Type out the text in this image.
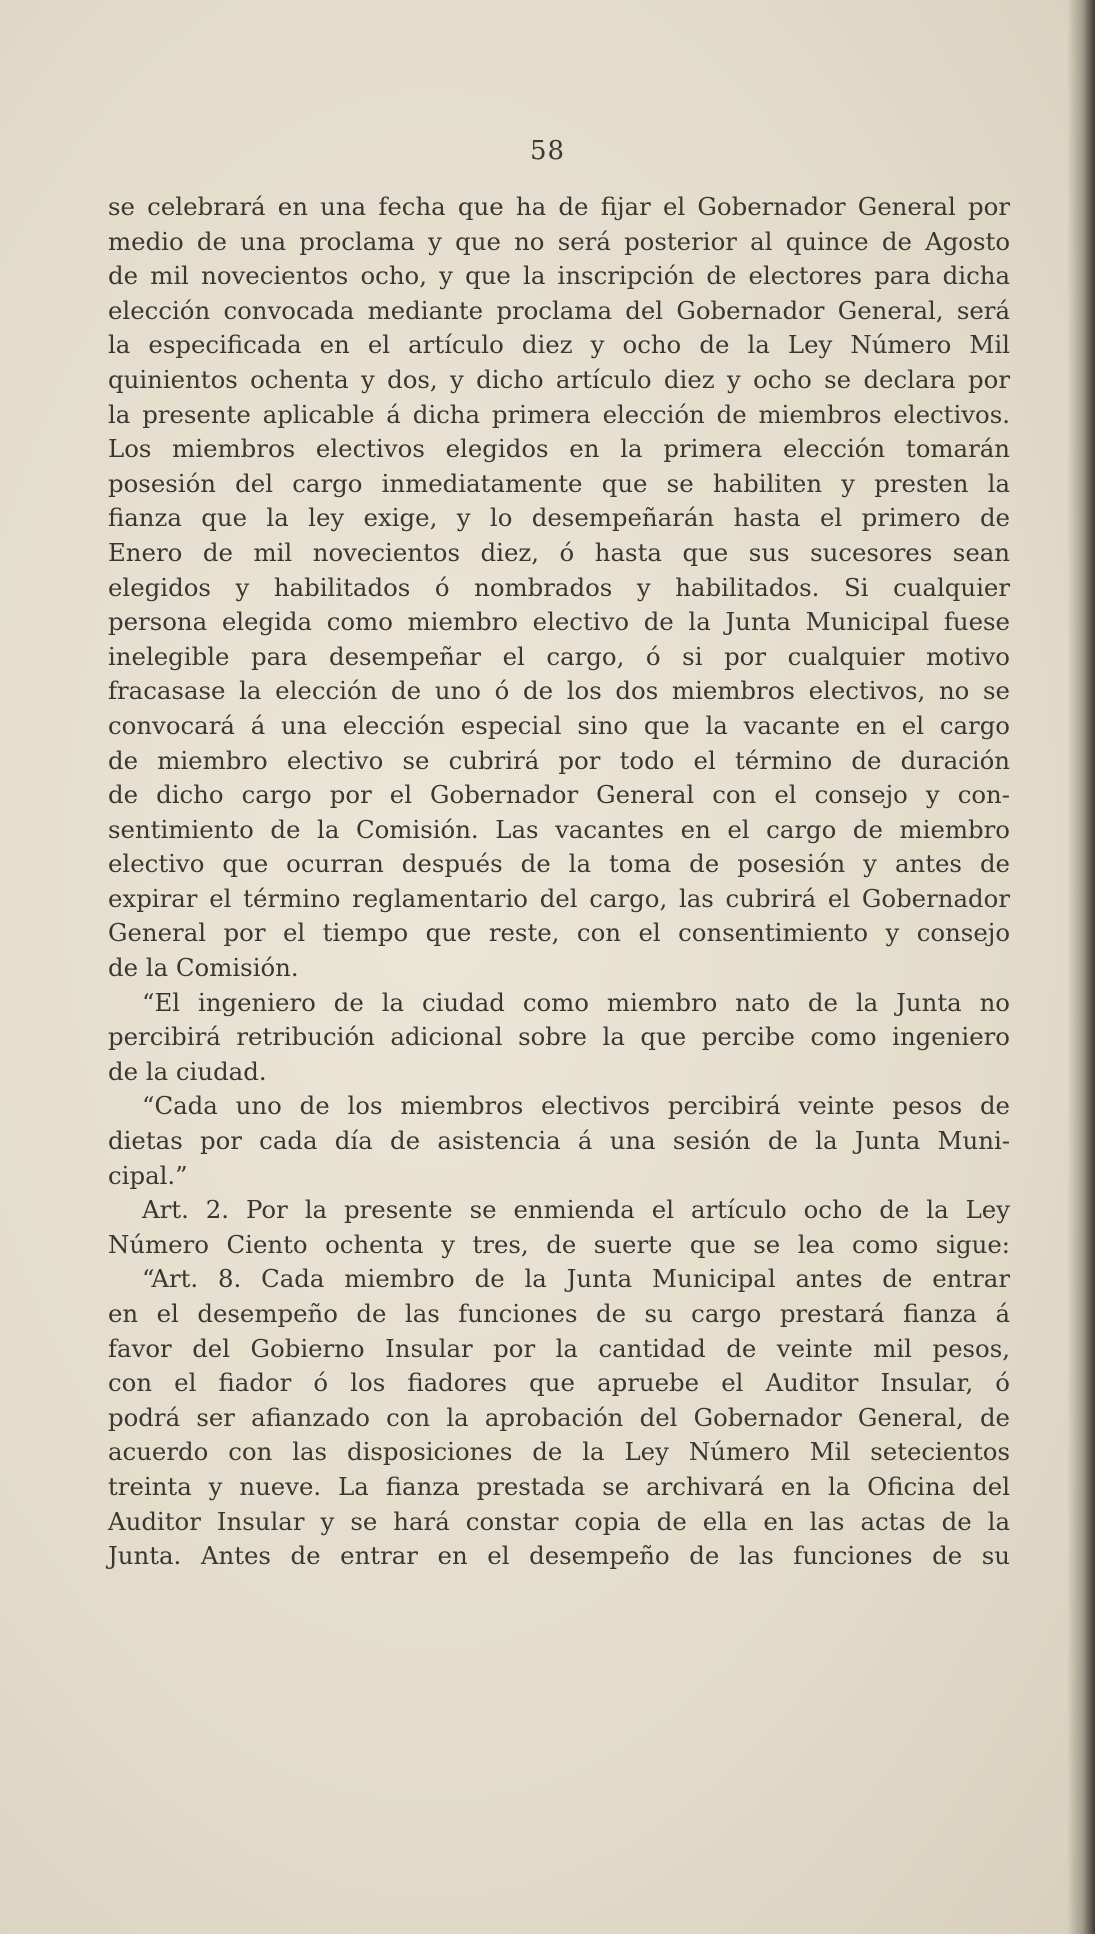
58
se celebrará en una fecha que ha de fijar el Gobernador General por
medio de una proclama y que no será posterior al quince de Agosto
de mil novecientos ocho, y que la inscripción de electores para dicha
elección convocada mediante proclama del Gobernador General, será
la especificada en el artículo diez y ocho de la Ley Número Mil
quinientos ochenta y dos, y dicho artículo diez y ocho se declara por
la presente aplicable á dicha primera elección de miembros electivos.
Los miembros electivos elegidos en la primera elección tomarán
posesión del cargo inmediatamente que se habiliten y presten la
fianza que la ley exige, y lo desempeñarán hasta el primero de
Enero de mil novecientos diez, ó hasta que sus sucesores sean
elegidos y habilitados ó nombrados y habilitados. Si cualquier
persona elegida como miembro electivo de la Junta Municipal fuese
inelegible para desempeñar el cargo, ó si por cualquier motivo
fracasase la elección de uno ó de los dos miembros electivos, no se
convocará á una elección especial sino que la vacante en el cargo
de miembro electivo se cubrirá por todo el término de duración
de dicho cargo por el Gobernador General con el consejo y con-
sentimiento de la Comisión. Las vacantes en el cargo de miembro
electivo que ocurran después de la toma de posesión y antes de
expirar el término reglamentario del cargo, las cubrirá el Gobernador
General por el tiempo que reste, con el consentimiento y consejo
de la Comisión.
“El ingeniero de la ciudad como miembro nato de la Junta no
percibirá retribución adicional sobre la que percibe como ingeniero
de la ciudad.
“Cada uno de los miembros electivos percibirá veinte pesos de
dietas por cada día de asistencia á una sesión de la Junta Muni-
cipal.”
Art. 2. Por la presente se enmienda el artículo ocho de la Ley
Número Ciento ochenta y tres, de suerte que se lea como sigue:
“Art. 8. Cada miembro de la Junta Municipal antes de entrar
en el desempeño de las funciones de su cargo prestará fianza á
favor del Gobierno Insular por la cantidad de veinte mil pesos,
con el fiador ó los fiadores que apruebe el Auditor Insular, ó
podrá ser afianzado con la aprobación del Gobernador General, de
acuerdo con las disposiciones de la Ley Número Mil setecientos
treinta y nueve. La fianza prestada se archivará en la Oficina del
Auditor Insular y se hará constar copia de ella en las actas de la
Junta. Antes de entrar en el desempeño de las funciones de su
